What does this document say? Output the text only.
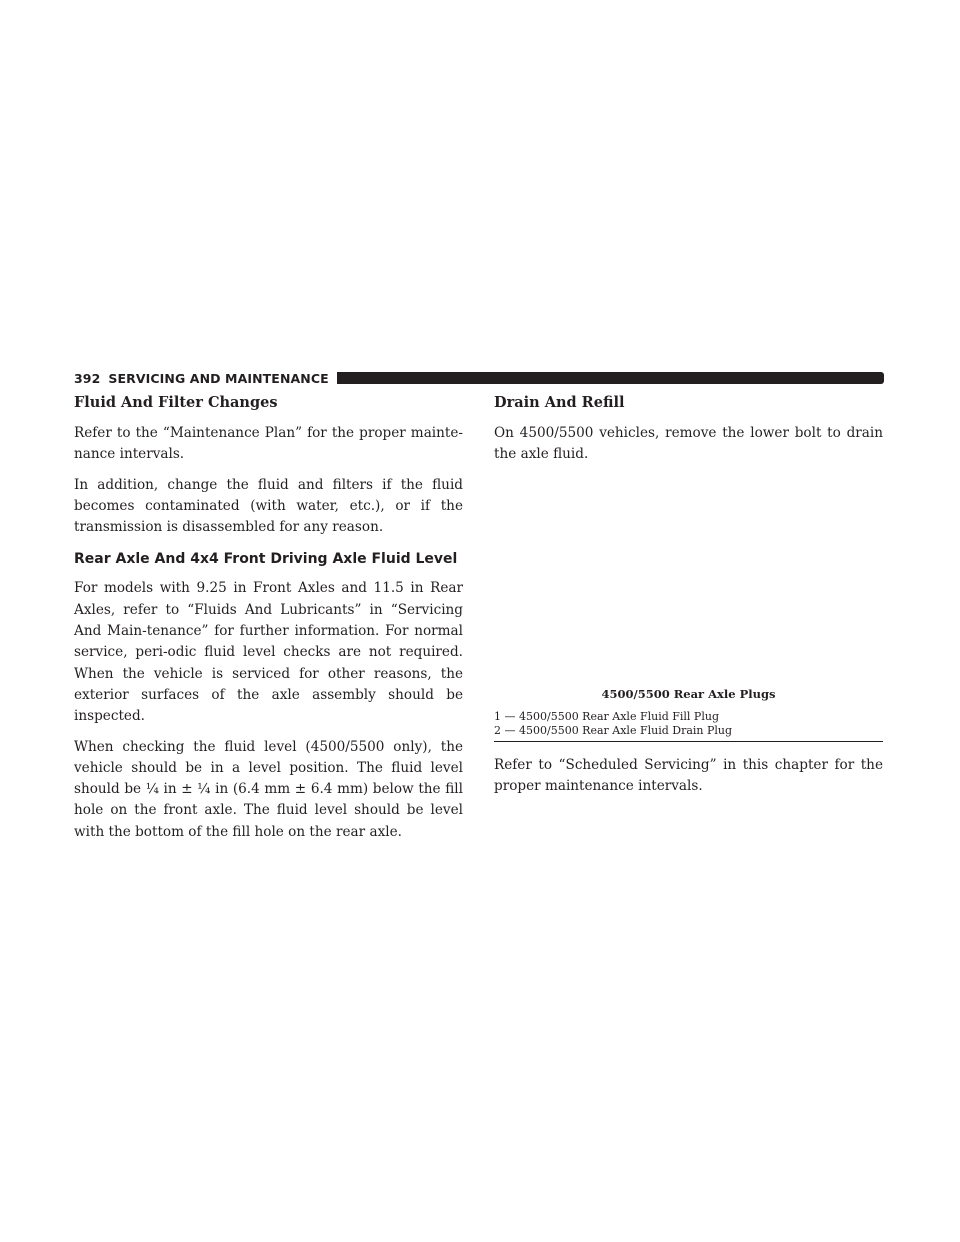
392 SERVICING AND MAINTENANCE
Fluid And Filter Changes

Refer to the “Maintenance Plan” for the proper mainte-nance intervals.

In addition, change the fluid and filters if the fluid becomes contaminated (with water, etc.), or if the transmission is disassembled for any reason.

Rear Axle And 4x4 Front Driving Axle Fluid Level

For models with 9.25 in Front Axles and 11.5 in Rear Axles, refer to “Fluids And Lubricants” in “Servicing And Main-tenance” for further information. For normal service, peri-odic fluid level checks are not required. When the vehicle is serviced for other reasons, the exterior surfaces of the axle assembly should be inspected.

When checking the fluid level (4500/5500 only), the vehicle should be in a level position. The fluid level should be ¼ in ± ¼ in (6.4 mm ± 6.4 mm) below the fill hole on the front axle. The fluid level should be level with the bottom of the fill hole on the rear axle.

Drain And Refill

On 4500/5500 vehicles, remove the lower bolt to drain the axle fluid.

4500/5500 Rear Axle Plugs
1 — 4500/5500 Rear Axle Fluid Fill Plug
2 — 4500/5500 Rear Axle Fluid Drain Plug

Refer to “Scheduled Servicing” in this chapter for the proper maintenance intervals.
